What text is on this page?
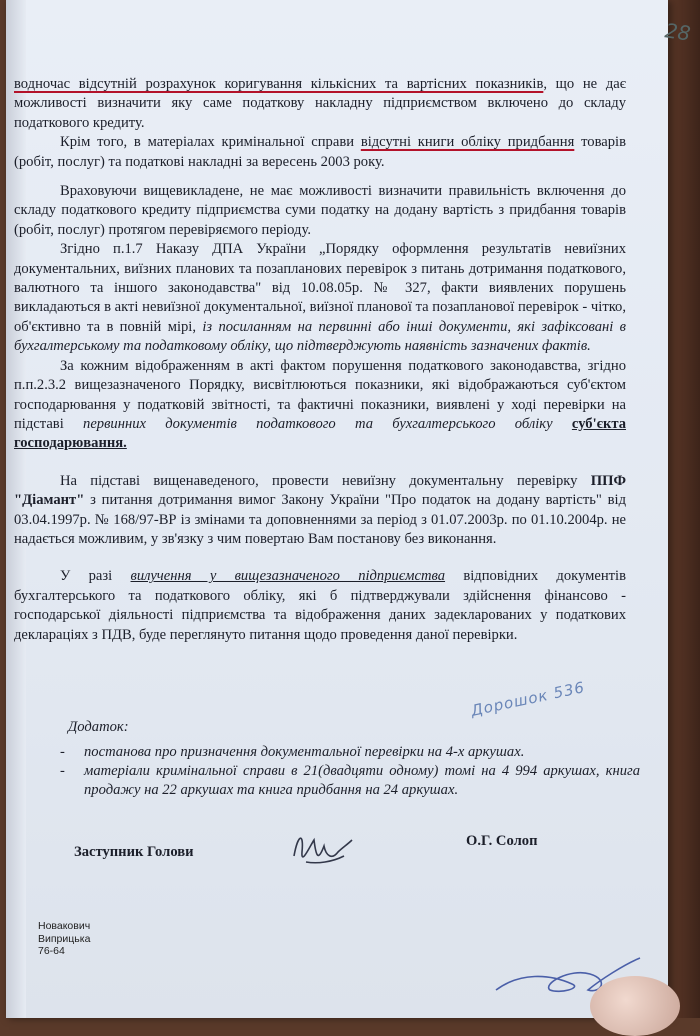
28

водночас відсутній розрахунок коригування кількісних та вартісних показників, що не дає можливості визначити яку саме податкову накладну підприємством включено до складу податкового кредиту.

Крім того, в матеріалах кримінальної справи відсутні книги обліку придбання товарів (робіт, послуг) та податкові накладні за вересень 2003 року.

Враховуючи вищевикладене, не має можливості визначити правильність включення до складу податкового кредиту підприємства суми податку на додану вартість з придбання товарів (робіт, послуг) протягом перевіряємого періоду.

Згідно п.1.7 Наказу ДПА України „Порядку оформлення результатів невиїзних документальних, виїзних планових та позапланових перевірок з питань дотримання податкового, валютного та іншого законодавства" від 10.08.05р. № 327, факти виявлених порушень викладаються в акті невиїзної документальної, виїзної планової та позапланової перевірок - чітко, об'єктивно та в повній мірі, із посиланням на первинні або інші документи, які зафіксовані в бухгалтерському та податковому обліку, що підтверджують наявність зазначених фактів.

За кожним відображенням в акті фактом порушення податкового законодавства, згідно п.п.2.3.2 вищезазначеного Порядку, висвітлюються показники, які відображаються суб'єктом господарювання у податковій звітності, та фактичні показники, виявлені у ході перевірки на підставі первинних документів податкового та бухгалтерського обліку суб'єкта господарювання.

На підставі вищенаведеного, провести невиїзну документальну перевірку ППФ "Діамант" з питання дотримання вимог Закону України "Про податок на додану вартість" від 03.04.1997р. № 168/97-ВР із змінами та доповненнями за період з 01.07.2003р. по 01.10.2004р. не надається можливим, у зв'язку з чим повертаю Вам постанову без виконання.

У разі вилучення у вищезазначеного підприємства відповідних документів бухгалтерського та податкового обліку, які б підтверджували здійснення фінансово - господарської діяльності підприємства та відображення даних задекларованих у податкових деклараціях з ПДВ, буде переглянуто питання щодо проведення даної перевірки.

Дорошок 536
Додаток:
- постанова про призначення документальної перевірки на 4-х аркушах.
- матеріали кримінальної справи в 21(двадцяти одному) томі на 4 994 аркушах, книга продажу на 22 аркушах та книга придбання на 24 аркушах.
Заступник Голови
О.Г. Солоп
Новакович
Виприцька
76-64
